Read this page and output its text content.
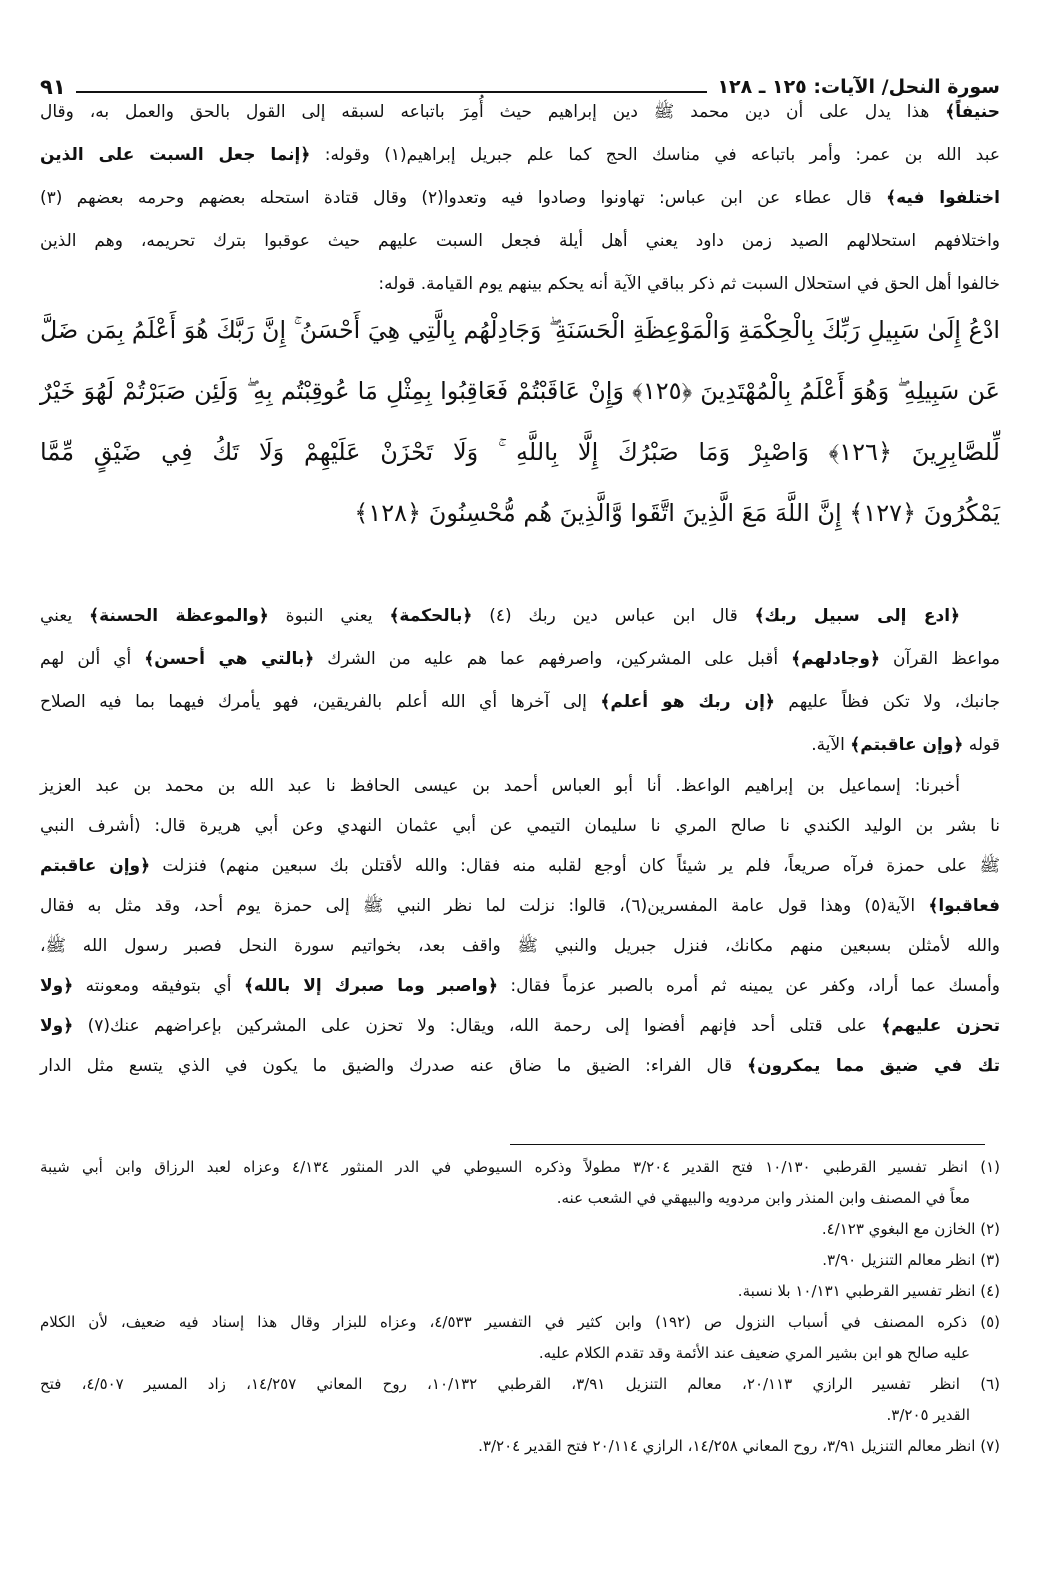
سورة النحل/ الآيات: ١٢٥ ـ ١٢٨
٩١
حنيفاً﴾ هذا يدل على أن دين محمد ﷺ دين إبراهيم حيث أُمِرَ باتباعه لسبقه إلى القول بالحق والعمل به، وقال
عبد الله بن عمر: وأمر باتباعه في مناسك الحج كما علم جبريل إبراهيم(١) وقوله: ﴿إنما جعل السبت على الذين
اختلفوا فيه﴾ قال عطاء عن ابن عباس: تهاونوا وصادوا فيه وتعدوا(٢) وقال قتادة استحله بعضهم وحرمه بعضهم (٣)
واختلافهم استحلالهم الصيد زمن داود يعني أهل أيلة فجعل السبت عليهم حيث عوقبوا بترك تحريمه، وهم الذين
خالفوا أهل الحق في استحلال السبت ثم ذكر بباقي الآية أنه يحكم بينهم يوم القيامة. قوله:
﴿ادع إلى سبيل ربك﴾ قال ابن عباس دين ربك (٤) ﴿بالحكمة﴾ يعني النبوة ﴿والموعظة الحسنة﴾ يعني
مواعظ القرآن ﴿وجادلهم﴾ أقبل على المشركين، واصرفهم عما هم عليه من الشرك ﴿بالتي هي أحسن﴾ أي ألن لهم
جانبك، ولا تكن فظاً عليهم ﴿إن ربك هو أعلم﴾ إلى آخرها أي الله أعلم بالفريقين، فهو يأمرك فيهما بما فيه الصلاح
قوله ﴿وإن عاقبتم﴾ الآية.
أخبرنا: إسماعيل بن إبراهيم الواعظ. أنا أبو العباس أحمد بن عيسى الحافظ نا عبد الله بن محمد بن عبد العزيز
نا بشر بن الوليد الكندي نا صالح المري نا سليمان التيمي عن أبي عثمان النهدي وعن أبي هريرة قال: (أشرف النبي
ﷺ على حمزة فرآه صريعاً، فلم ير شيئاً كان أوجع لقلبه منه فقال: والله لأقتلن بك سبعين منهم) فنزلت ﴿وإن عاقبتم
فعاقبوا﴾ الآية(٥) وهذا قول عامة المفسرين(٦)، قالوا: نزلت لما نظر النبي ﷺ إلى حمزة يوم أحد، وقد مثل به فقال
والله لأمثلن بسبعين منهم مكانك، فنزل جبريل والنبي ﷺ واقف بعد، بخواتيم سورة النحل فصبر رسول الله ﷺ،
وأمسك عما أراد، وكفر عن يمينه ثم أمره بالصبر عزماً فقال: ﴿واصبر وما صبرك إلا بالله﴾ أي بتوفيقه ومعونته ﴿ولا
تحزن عليهم﴾ على قتلى أحد فإنهم أفضوا إلى رحمة الله، ويقال: ولا تحزن على المشركين بإعراضهم عنك(٧) ﴿ولا
تك في ضيق مما يمكرون﴾ قال الفراء: الضيق ما ضاق عنه صدرك والضيق ما يكون في الذي يتسع مثل الدار
ادْعُ إِلَىٰ سَبِيلِ رَبِّكَ بِالْحِكْمَةِ وَالْمَوْعِظَةِ الْحَسَنَةِ ۖ وَجَادِلْهُم بِالَّتِي هِيَ أَحْسَنُ ۚ إِنَّ رَبَّكَ هُوَ أَعْلَمُ بِمَن ضَلَّ
عَن سَبِيلِهِ ۖ وَهُوَ أَعْلَمُ بِالْمُهْتَدِينَ ﴿١٢٥﴾ وَإِنْ عَاقَبْتُمْ فَعَاقِبُوا بِمِثْلِ مَا عُوقِبْتُم بِهِ ۖ وَلَئِن صَبَرْتُمْ لَهُوَ خَيْرٌ
لِّلصَّابِرِينَ ﴿١٢٦﴾ وَاصْبِرْ وَمَا صَبْرُكَ إِلَّا بِاللَّهِ ۚ وَلَا تَحْزَنْ عَلَيْهِمْ وَلَا تَكُ فِي ضَيْقٍ مِّمَّا
يَمْكُرُونَ ﴿١٢٧﴾ إِنَّ اللَّهَ مَعَ الَّذِينَ اتَّقَوا وَّالَّذِينَ هُم مُّحْسِنُونَ ﴿١٢٨﴾
(١) انظر تفسير القرطبي ١٠/١٣٠ فتح القدير ٣/٢٠٤ مطولاً وذكره السيوطي في الدر المنثور ٤/١٣٤ وعزاه لعبد الرزاق وابن أبي شيبة
معاً في المصنف وابن المنذر وابن مردويه والبيهقي في الشعب عنه.
(٢) الخازن مع البغوي ٤/١٢٣.
(٣) انظر معالم التنزيل ٣/٩٠.
(٤) انظر تفسير القرطبي ١٠/١٣١ بلا نسبة.
(٥) ذكره المصنف في أسباب النزول ص (١٩٢) وابن كثير في التفسير ٤/٥٣٣، وعزاه للبزار وقال هذا إسناد فيه ضعيف، لأن الكلام
عليه صالح هو ابن بشير المري ضعيف عند الأئمة وقد تقدم الكلام عليه.
(٦) انظر تفسير الرازي ٢٠/١١٣، معالم التنزيل ٣/٩١، القرطبي ١٠/١٣٢، روح المعاني ١٤/٢٥٧، زاد المسير ٤/٥٠٧، فتح
القدير ٣/٢٠٥.
(٧) انظر معالم التنزيل ٣/٩١، روح المعاني ١٤/٢٥٨، الرازي ٢٠/١١٤ فتح القدير ٣/٢٠٤.
